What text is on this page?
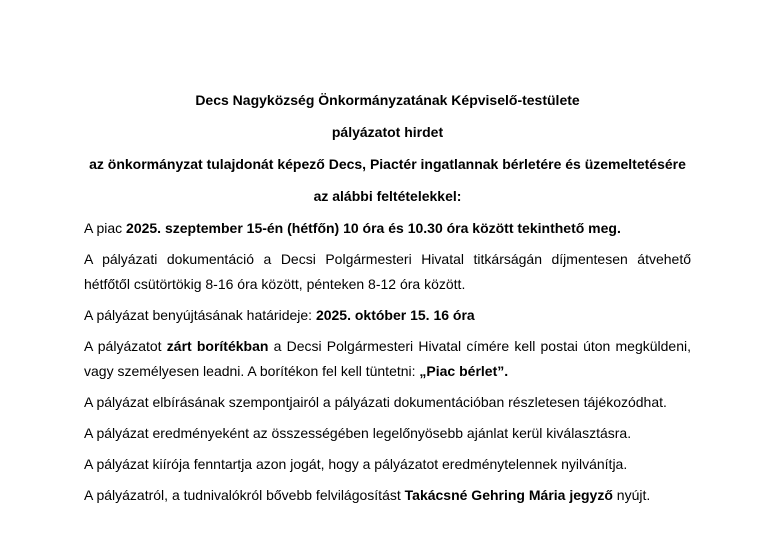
Decs Nagyközség Önkormányzatának Képviselő-testülete

pályázatot hirdet

az önkormányzat tulajdonát képező Decs, Piactér ingatlannak bérletére és üzemeltetésére

az alábbi feltételekkel:

A piac 2025. szeptember 15-én (hétfőn) 10 óra és 10.30 óra között tekinthető meg.

A pályázati dokumentáció a Decsi Polgármesteri Hivatal titkárságán díjmentesen átvehető
hétfőtől csütörtökig 8-16 óra között, pénteken 8-12 óra között.

A pályázat benyújtásának határideje: 2025. október 15. 16 óra

A pályázatot zárt borítékban a Decsi Polgármesteri Hivatal címére kell postai úton megküldeni,
vagy személyesen leadni. A borítékon fel kell tüntetni: „Piac bérlet”.

A pályázat elbírásának szempontjairól a pályázati dokumentációban részletesen tájékozódhat.

A pályázat eredményeként az összességében legelőnyösebb ajánlat kerül kiválasztásra.

A pályázat kiírója fenntartja azon jogát, hogy a pályázatot eredménytelennek nyilvánítja.

A pályázatról, a tudnivalókról bővebb felvilágosítást Takácsné Gehring Mária jegyző nyújt.
